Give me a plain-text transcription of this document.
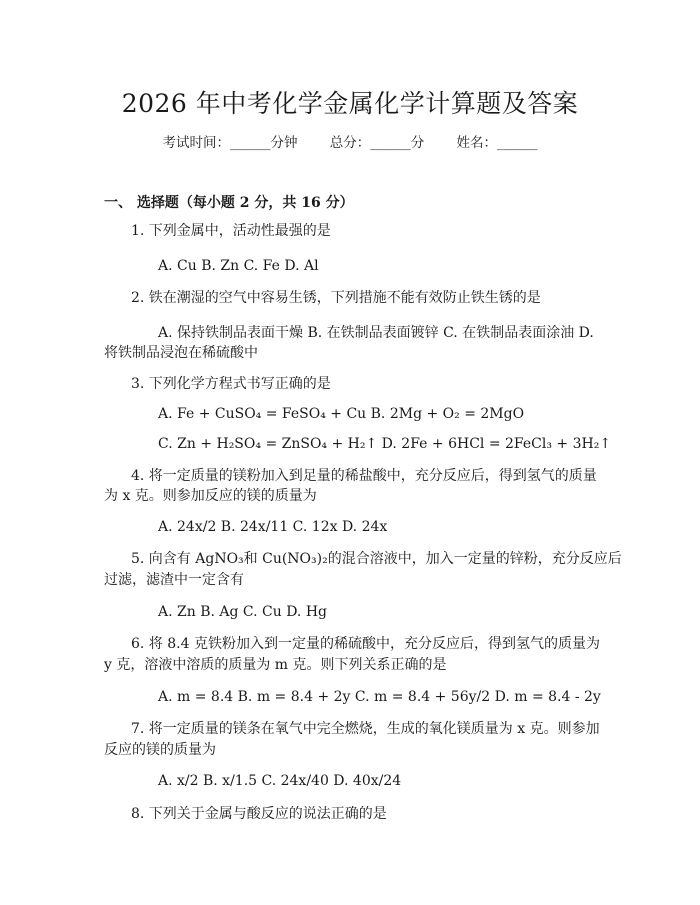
2026 年中考化学金属化学计算题及答案
考试时间：______分钟 总分：______分 姓名：______
一、 选择题（每小题 2 分，共 16 分）
1. 下列金属中，活动性最强的是
A. Cu B. Zn C. Fe D. Al
2. 铁在潮湿的空气中容易生锈，下列措施不能有效防止铁生锈的是
A. 保持铁制品表面干燥 B. 在铁制品表面镀锌 C. 在铁制品表面涂油 D.
将铁制品浸泡在稀硫酸中
3. 下列化学方程式书写正确的是
A. Fe + CuSO₄ = FeSO₄ + Cu B. 2Mg + O₂ = 2MgO
C. Zn + H₂SO₄ = ZnSO₄ + H₂↑ D. 2Fe + 6HCl = 2FeCl₃ + 3H₂↑
4. 将一定质量的镁粉加入到足量的稀盐酸中，充分反应后，得到氢气的质量
为 x 克。则参加反应的镁的质量为
A. 24x/2 B. 24x/11 C. 12x D. 24x
5. 向含有 AgNO₃和 Cu(NO₃)₂的混合溶液中，加入一定量的锌粉，充分反应后
过滤，滤渣中一定含有
A. Zn B. Ag C. Cu D. Hg
6. 将 8.4 克铁粉加入到一定量的稀硫酸中，充分反应后，得到氢气的质量为
y 克，溶液中溶质的质量为 m 克。则下列关系正确的是
A. m = 8.4 B. m = 8.4 + 2y C. m = 8.4 + 56y/2 D. m = 8.4 - 2y
7. 将一定质量的镁条在氧气中完全燃烧，生成的氧化镁质量为 x 克。则参加
反应的镁的质量为
A. x/2 B. x/1.5 C. 24x/40 D. 40x/24
8. 下列关于金属与酸反应的说法正确的是
